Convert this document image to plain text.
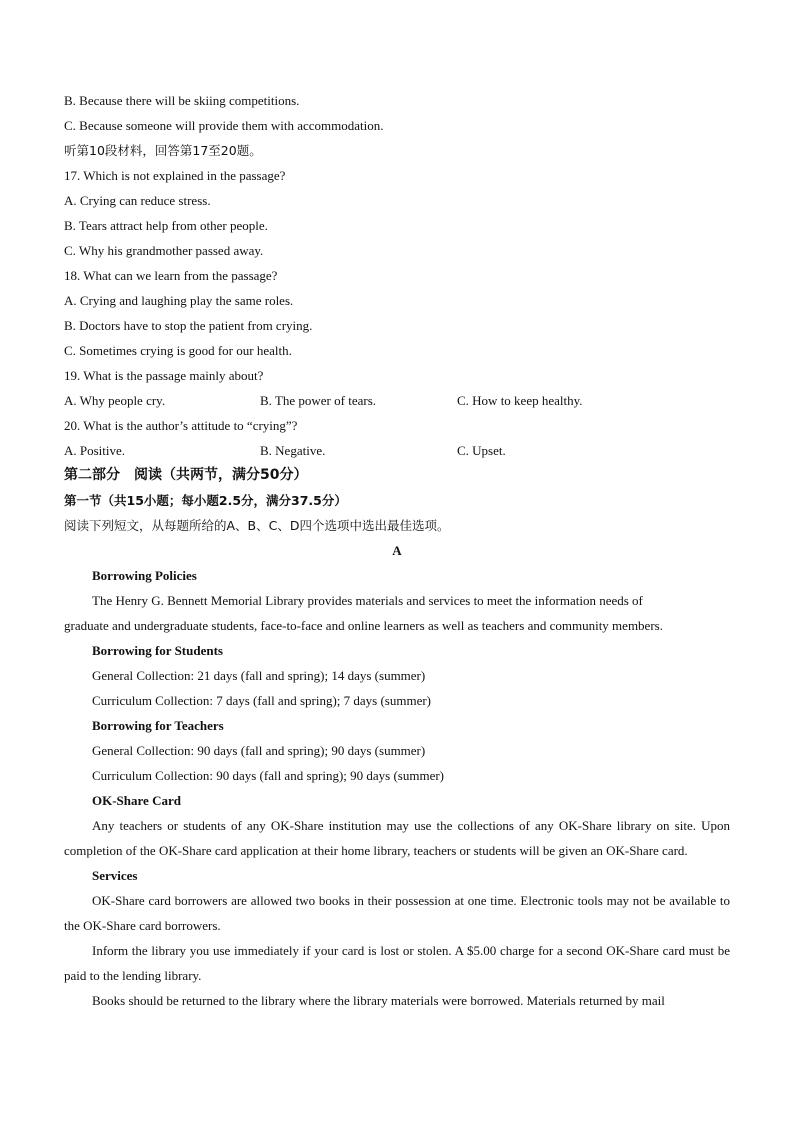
B. Because there will be skiing competitions.
C. Because someone will provide them with accommodation.
听第10段材料，回答第17至20题。
17. Which is not explained in the passage?
A. Crying can reduce stress.
B. Tears attract help from other people.
C. Why his grandmother passed away.
18. What can we learn from the passage?
A. Crying and laughing play the same roles.
B. Doctors have to stop the patient from crying.
C. Sometimes crying is good for our health.
19. What is the passage mainly about?
A. Why people cry.	B. The power of tears.	C. How to keep healthy.
20. What is the author’s attitude to “crying”?
A. Positive.	B. Negative.	C. Upset.
第二部分　阅读（共两节，满分50分）
第一节（共15小题；每小题2.5分，满分37.5分）
阅读下列短文，从每题所给的A、B、C、D四个选项中选出最佳选项。
A
Borrowing Policies
The Henry G. Bennett Memorial Library provides materials and services to meet the information needs of
graduate and undergraduate students, face-to-face and online learners as well as teachers and community members.
Borrowing for Students
General Collection: 21 days (fall and spring); 14 days (summer)
Curriculum Collection: 7 days (fall and spring); 7 days (summer)
Borrowing for Teachers
General Collection: 90 days (fall and spring); 90 days (summer)
Curriculum Collection: 90 days (fall and spring); 90 days (summer)
OK-Share Card
Any teachers or students of any OK-Share institution may use the collections of any OK-Share library on site. Upon completion of the OK-Share card application at their home library, teachers or students will be given an OK-Share card.
Services
OK-Share card borrowers are allowed two books in their possession at one time. Electronic tools may not be available to the OK-Share card borrowers.
Inform the library you use immediately if your card is lost or stolen. A $5.00 charge for a second OK-Share card must be paid to the lending library.
Books should be returned to the library where the library materials were borrowed. Materials returned by mail
